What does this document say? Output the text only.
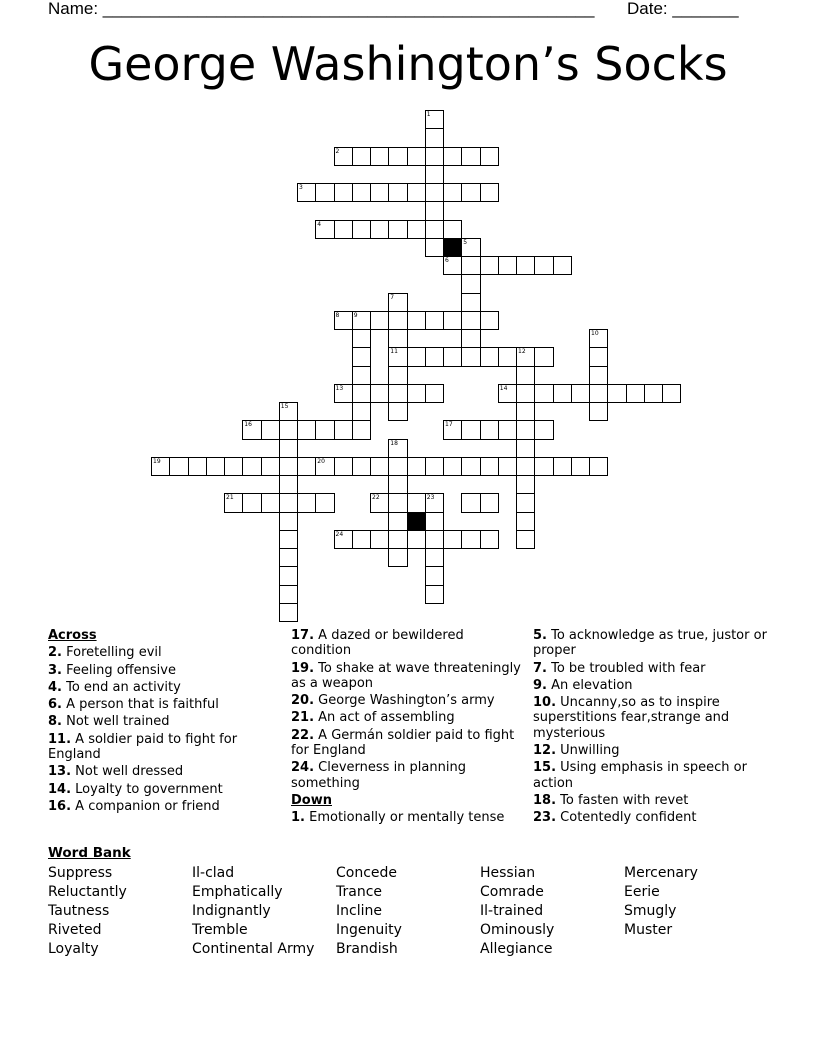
Name: ____________________________________________________ Date: _______
George Washington’s Socks
1
2
3
4
5
6
7
11
8 9
10
12
13	14
15
16	17
18
19	20
21	22	23
24
Across
2. Foretelling evil
3. Feeling offensive
4. To end an activity
6. A person that is faithful
8. Not well trained
11. A soldier paid to fight for England
13. Not well dressed
14. Loyalty to government
16. A companion or friend
17. A dazed or bewildered condition
19. To shake at wave threateningly as a weapon
20. George Washington’s army
21. An act of assembling
22. A Germán soldier paid to fight for England
24. Cleverness in planning something
Down
1. Emotionally or mentally tense
5. To acknowledge as true, justor or proper
7. To be troubled with fear
9. An elevation
10. Uncanny,so as to inspire superstitions fear,strange and mysterious
12. Unwilling
15. Using emphasis in speech or action
18. To fasten with revet
23. Cotentedly confident
Word Bank
Suppress
Reluctantly
Tautness
Riveted
Loyalty
Il-clad
Emphatically
Indignantly
Tremble
Continental Army
Concede
Trance
Incline
Ingenuity
Brandish
Hessian
Comrade
Il-trained
Ominously
Allegiance
Mercenary
Eerie
Smugly
Muster
